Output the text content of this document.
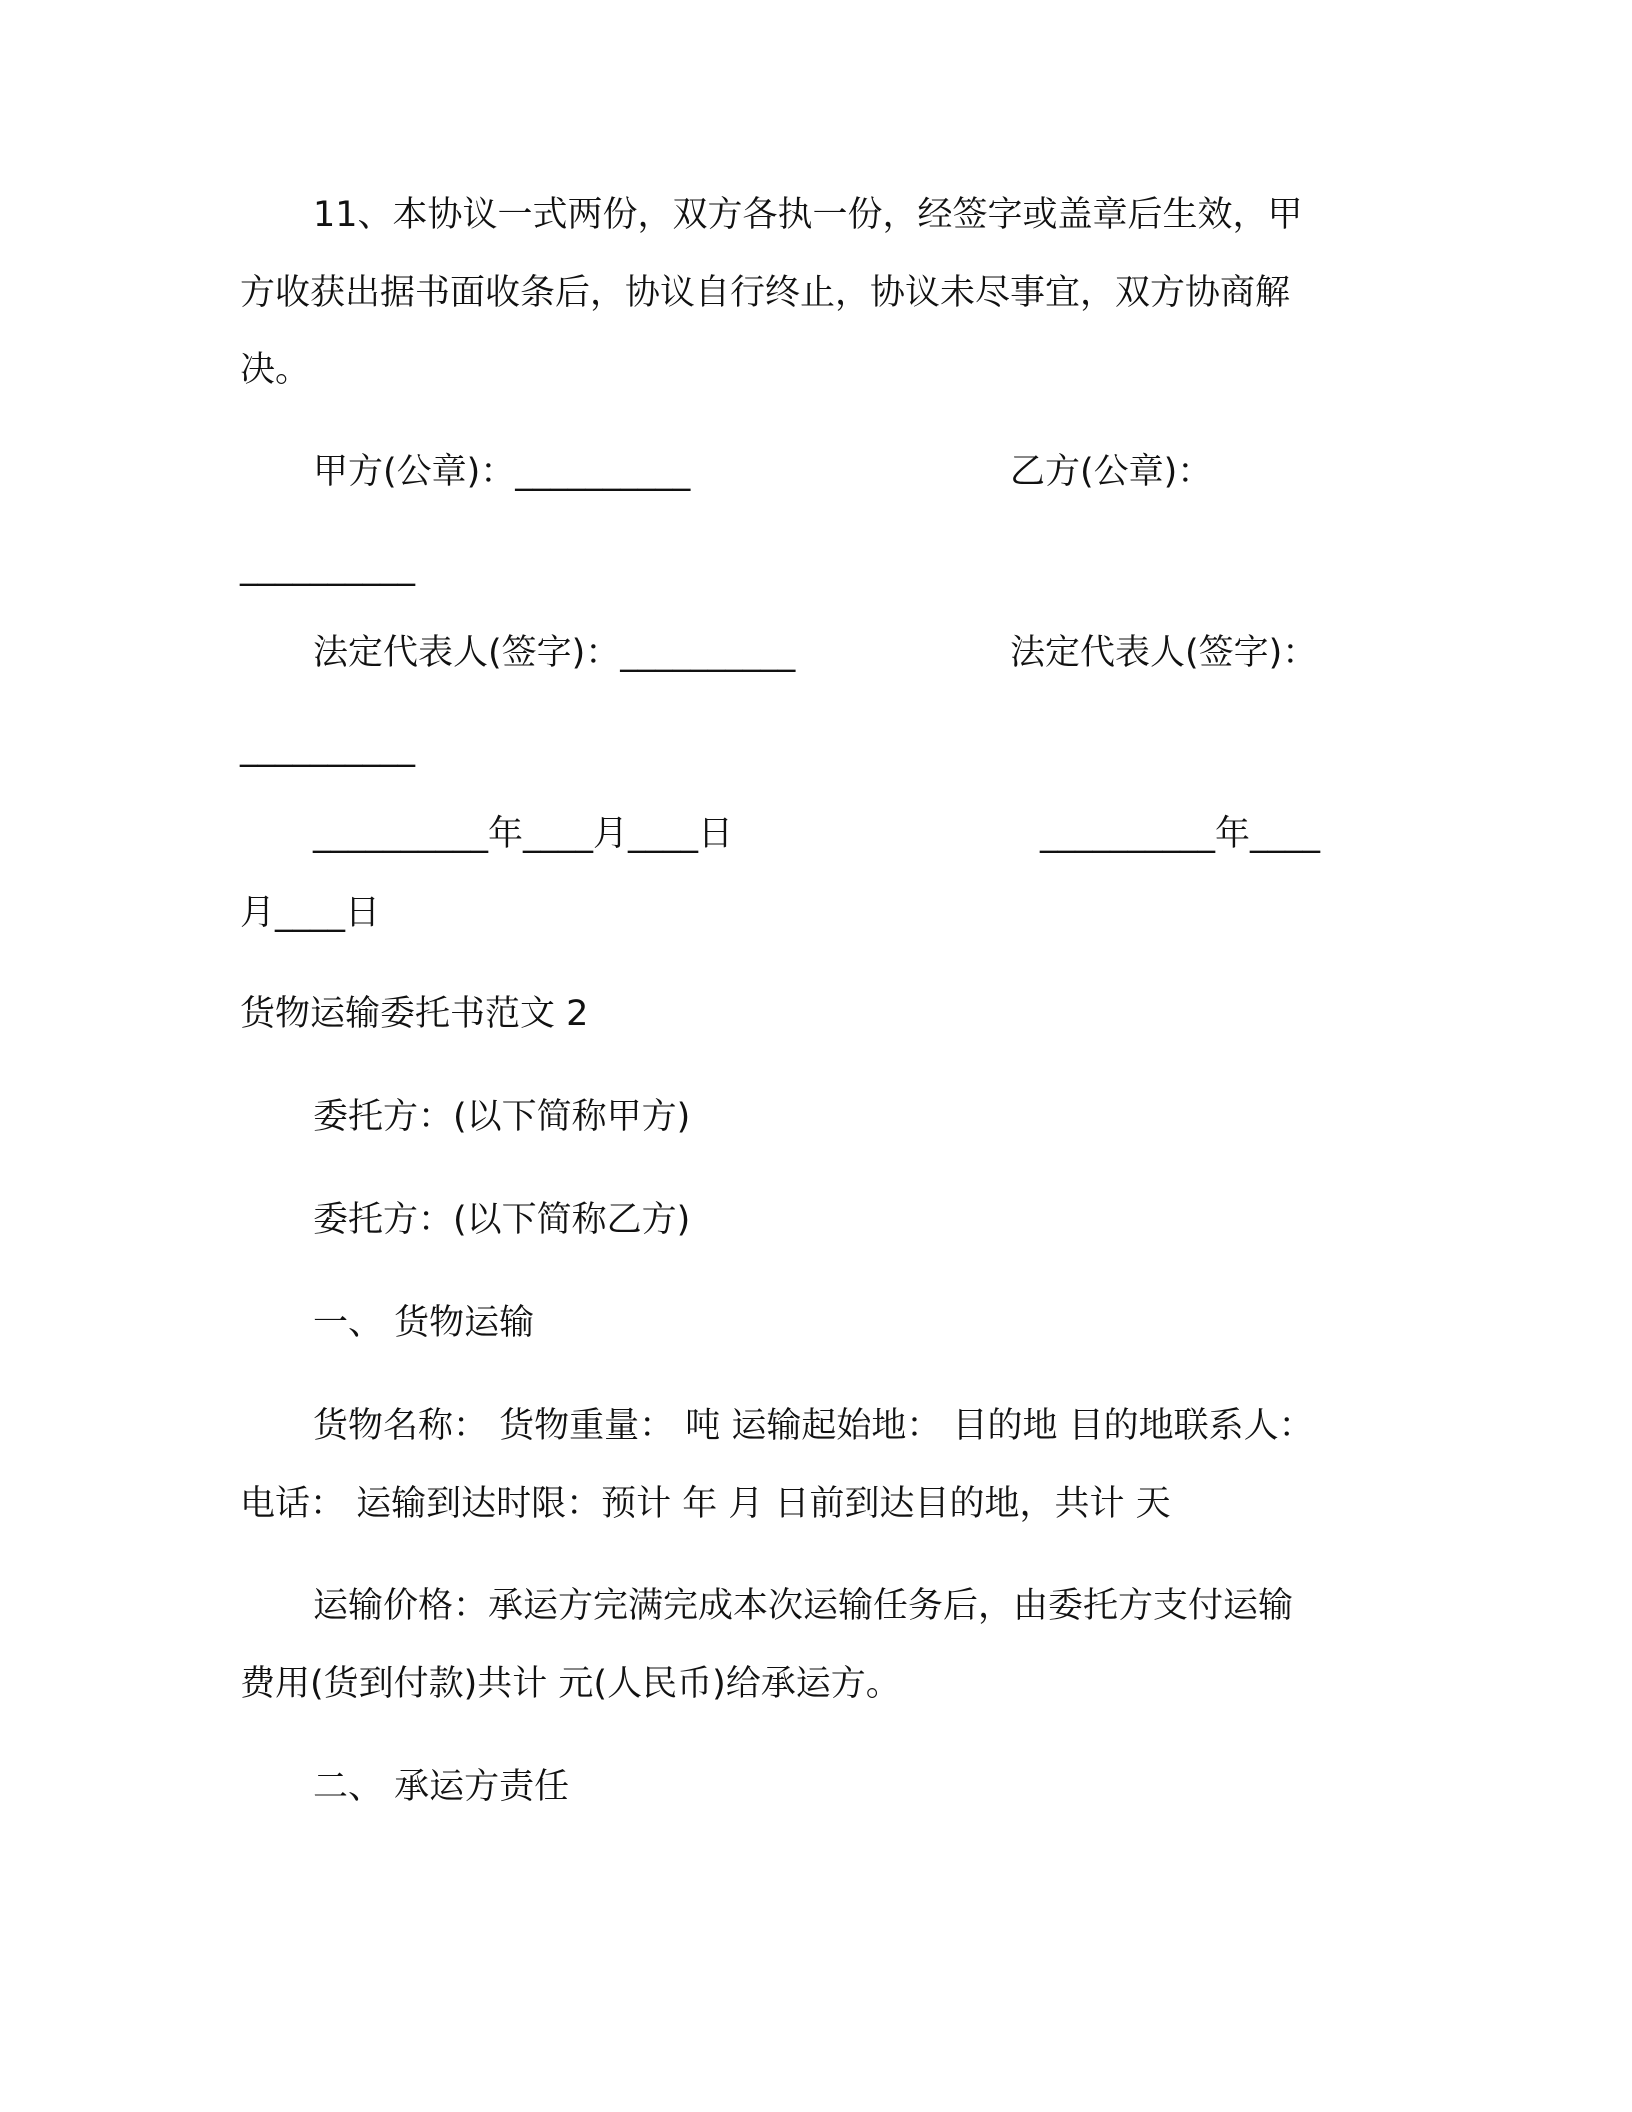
11、本协议一式两份，双方各执一份，经签字或盖章后生效，甲
方收获出据书面收条后，协议自行终止，协议未尽事宜，双方协商解
决。
甲方(公章)：__________	乙方(公章)：
__________
法定代表人(签字)：__________	法定代表人(签字)：
__________
__________年____月____日	__________年____
月____日
货物运输委托书范文 2
委托方：(以下简称甲方)
委托方：(以下简称乙方)
一、 货物运输
货物名称： 货物重量： 吨 运输起始地： 目的地 目的地联系人：
电话： 运输到达时限：预计 年 月 日前到达目的地，共计 天
运输价格：承运方完满完成本次运输任务后，由委托方支付运输
费用(货到付款)共计 元(人民币)给承运方。
二、 承运方责任
